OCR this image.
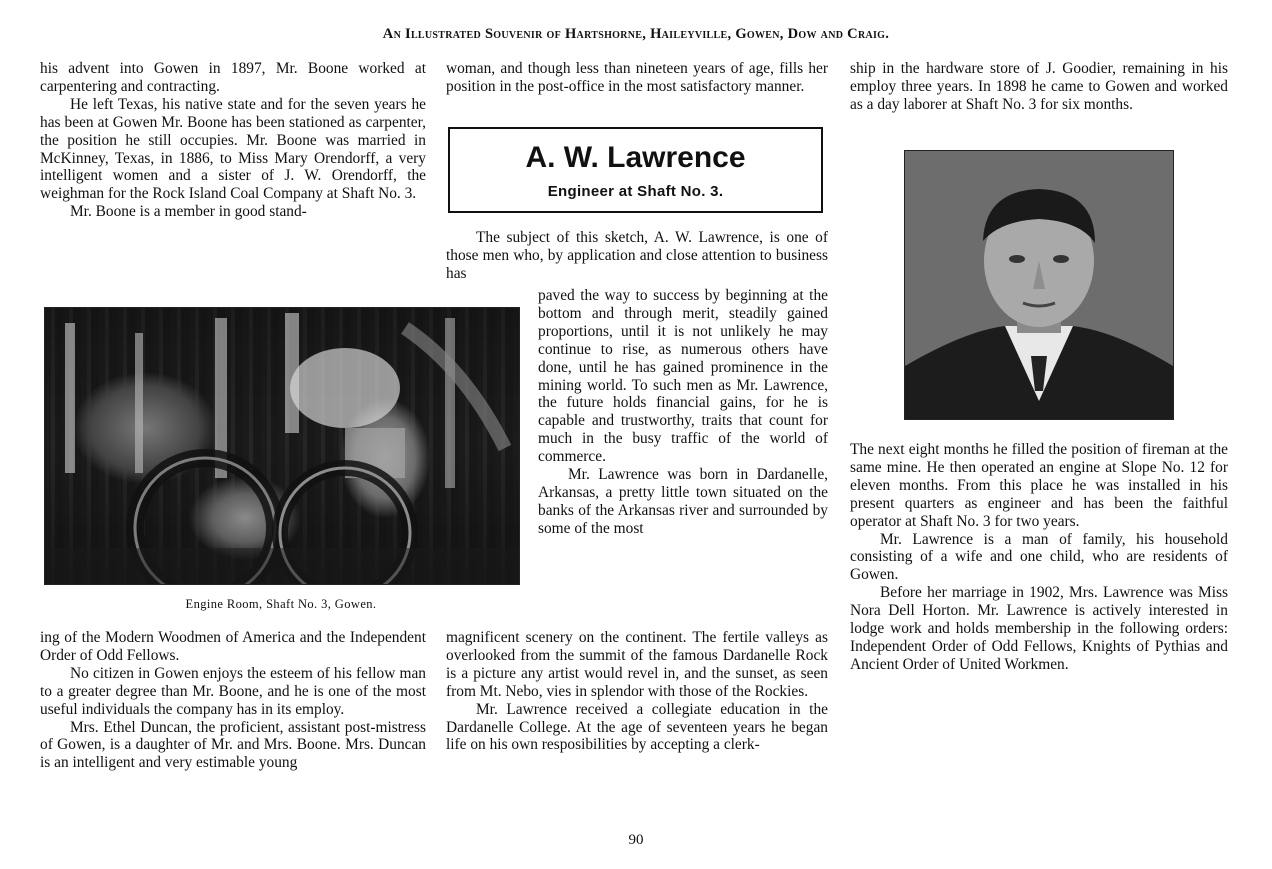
An Illustrated Souvenir of Hartshorne, Haileyville, Gowen, Dow and Craig.

his advent into Gowen in 1897, Mr. Boone worked at carpentering and contracting.

He left Texas, his native state and for the seven years he has been at Gowen Mr. Boone has been stationed as carpenter, the position he still occupies. Mr. Boone was married in McKinney, Texas, in 1886, to Miss Mary Orendorff, a very intelligent women and a sister of J. W. Orendorff, the weighman for the Rock Island Coal Company at Shaft No. 3.

Mr. Boone is a member in good stand-

Engine Room, Shaft No. 3, Gowen.

ing of the Modern Woodmen of America and the Independent Order of Odd Fellows.

No citizen in Gowen enjoys the esteem of his fellow man to a greater degree than Mr. Boone, and he is one of the most useful individuals the company has in its employ.

Mrs. Ethel Duncan, the proficient, assistant post-mistress of Gowen, is a daughter of Mr. and Mrs. Boone. Mrs. Duncan is an intelligent and very estimable young

woman, and though less than nineteen years of age, fills her position in the post-office in the most satisfactory manner.

A. W. Lawrence
Engineer at Shaft No. 3.

The subject of this sketch, A. W. Lawrence, is one of those men who, by application and close attention to business has

paved the way to success by beginning at the bottom and through merit, steadily gained proportions, until it is not unlikely he may continue to rise, as numerous others have done, until he has gained prominence in the mining world. To such men as Mr. Lawrence, the future holds financial gains, for he is capable and trustworthy, traits that count for much in the busy traffic of the world of commerce.

Mr. Lawrence was born in Dardanelle, Arkansas, a pretty little town situated on the banks of the Arkansas river and surrounded by some of the most

magnificent scenery on the continent. The fertile valleys as overlooked from the summit of the famous Dardanelle Rock is a picture any artist would revel in, and the sunset, as seen from Mt. Nebo, vies in splendor with those of the Rockies.

Mr. Lawrence received a collegiate education in the Dardanelle College. At the age of seventeen years he began life on his own resposibilities by accepting a clerk-

ship in the hardware store of J. Goodier, remaining in his employ three years. In 1898 he came to Gowen and worked as a day laborer at Shaft No. 3 for six months.

The next eight months he filled the position of fireman at the same mine. He then operated an engine at Slope No. 12 for eleven months. From this place he was installed in his present quarters as engineer and has been the faithful operator at Shaft No. 3 for two years.

Mr. Lawrence is a man of family, his household consisting of a wife and one child, who are residents of Gowen.

Before her marriage in 1902, Mrs. Lawrence was Miss Nora Dell Horton. Mr. Lawrence is actively interested in lodge work and holds membership in the following orders: Independent Order of Odd Fellows, Knights of Pythias and Ancient Order of United Workmen.

90
